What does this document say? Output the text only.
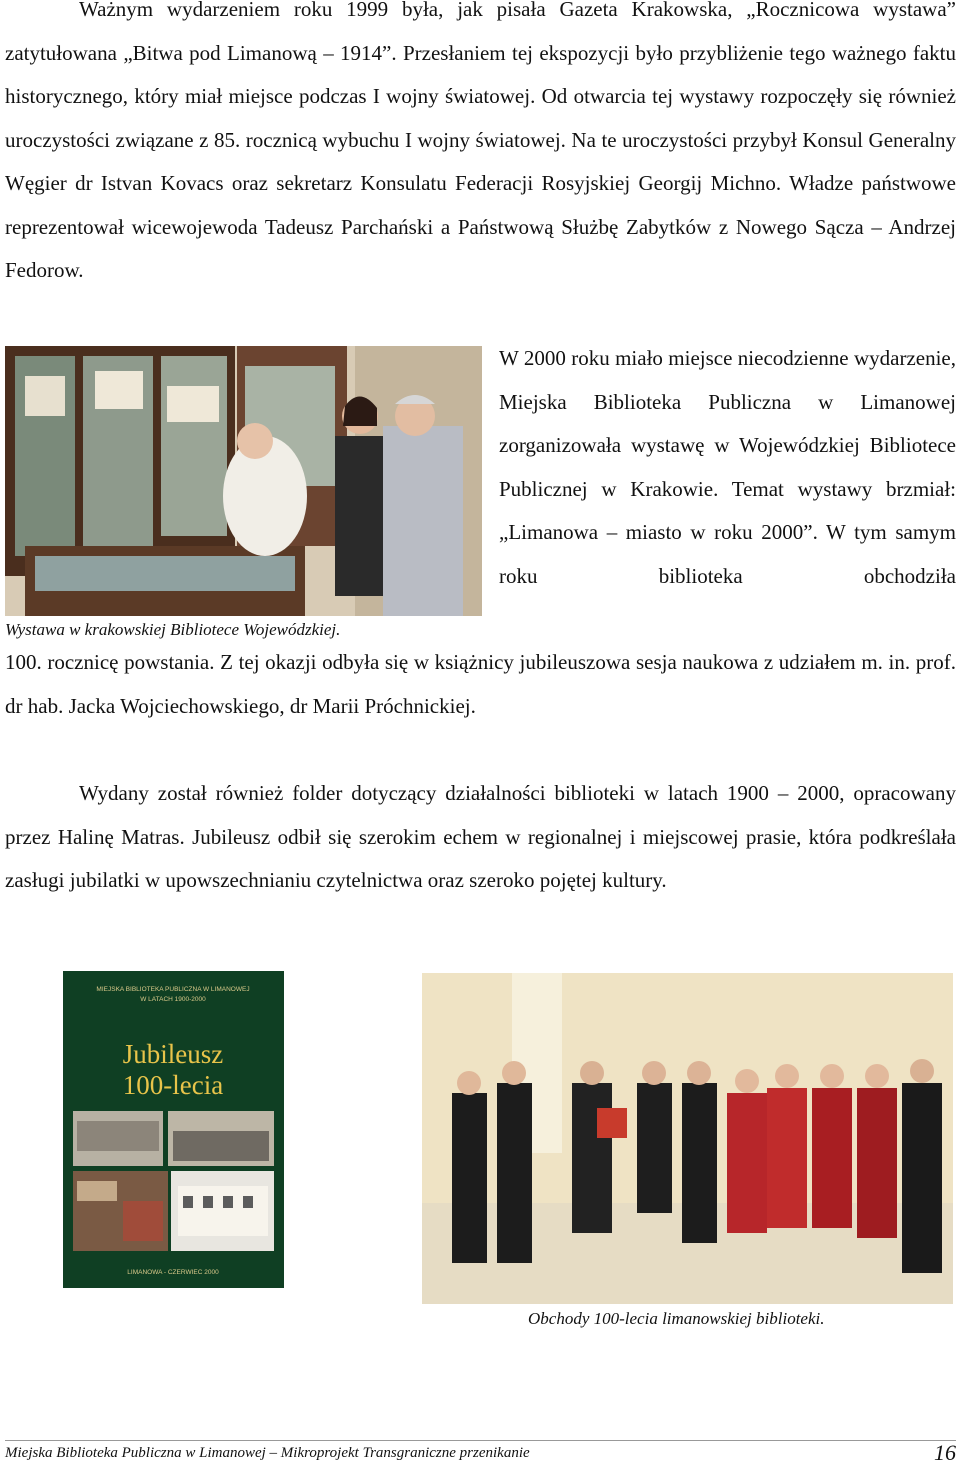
Ważnym wydarzeniem roku 1999 była, jak pisała Gazeta Krakowska, „Rocznicowa wystawa” zatytułowana „Bitwa pod Limanową – 1914”. Przesłaniem tej ekspozycji było przybliżenie tego ważnego faktu historycznego, który miał miejsce podczas I wojny światowej. Od otwarcia tej wystawy rozpoczęły się również uroczystości związane z 85. rocznicą wybuchu I wojny światowej. Na te uroczystości przybył Konsul Generalny Węgier dr Istvan Kovacs oraz sekretarz Konsulatu Federacji Rosyjskiej Georgij Michno. Władze państwowe reprezentował wicewojewoda Tadeusz Parchański a Państwową Służbę Zabytków z Nowego Sącza – Andrzej Fedorow.

Wystawa w krakowskiej Bibliotece Wojewódzkiej.

W 2000 roku miało miejsce niecodzienne wydarzenie, Miejska Biblioteka Publiczna w Limanowej zorganizowała wystawę w Wojewódzkiej Bibliotece Publicznej w Krakowie. Temat wystawy brzmiał: „Limanowa – miasto w roku 2000”. W tym samym roku biblioteka obchodziła

100. rocznicę powstania. Z tej okazji odbyła się w książnicy jubileuszowa sesja naukowa z udziałem m. in. prof. dr hab. Jacka Wojciechowskiego, dr Marii Próchnickiej.

Wydany został również folder dotyczący działalności biblioteki w latach 1900 – 2000, opracowany przez Halinę Matras. Jubileusz odbił się szerokim echem w regionalnej i miejscowej prasie, która podkreślała zasługi jubilatki w upowszechnianiu czytelnictwa oraz szeroko pojętej kultury.

MIEJSKA BIBLIOTEKA PUBLICZNA W LIMANOWEJ
W LATACH 1900-2000
Jubileusz
100-lecia
LIMANOWA - CZERWIEC 2000

Obchody 100-lecia limanowskiej biblioteki.

Miejska Biblioteka Publiczna w Limanowej – Mikroprojekt Transgraniczne przenikanie	16
